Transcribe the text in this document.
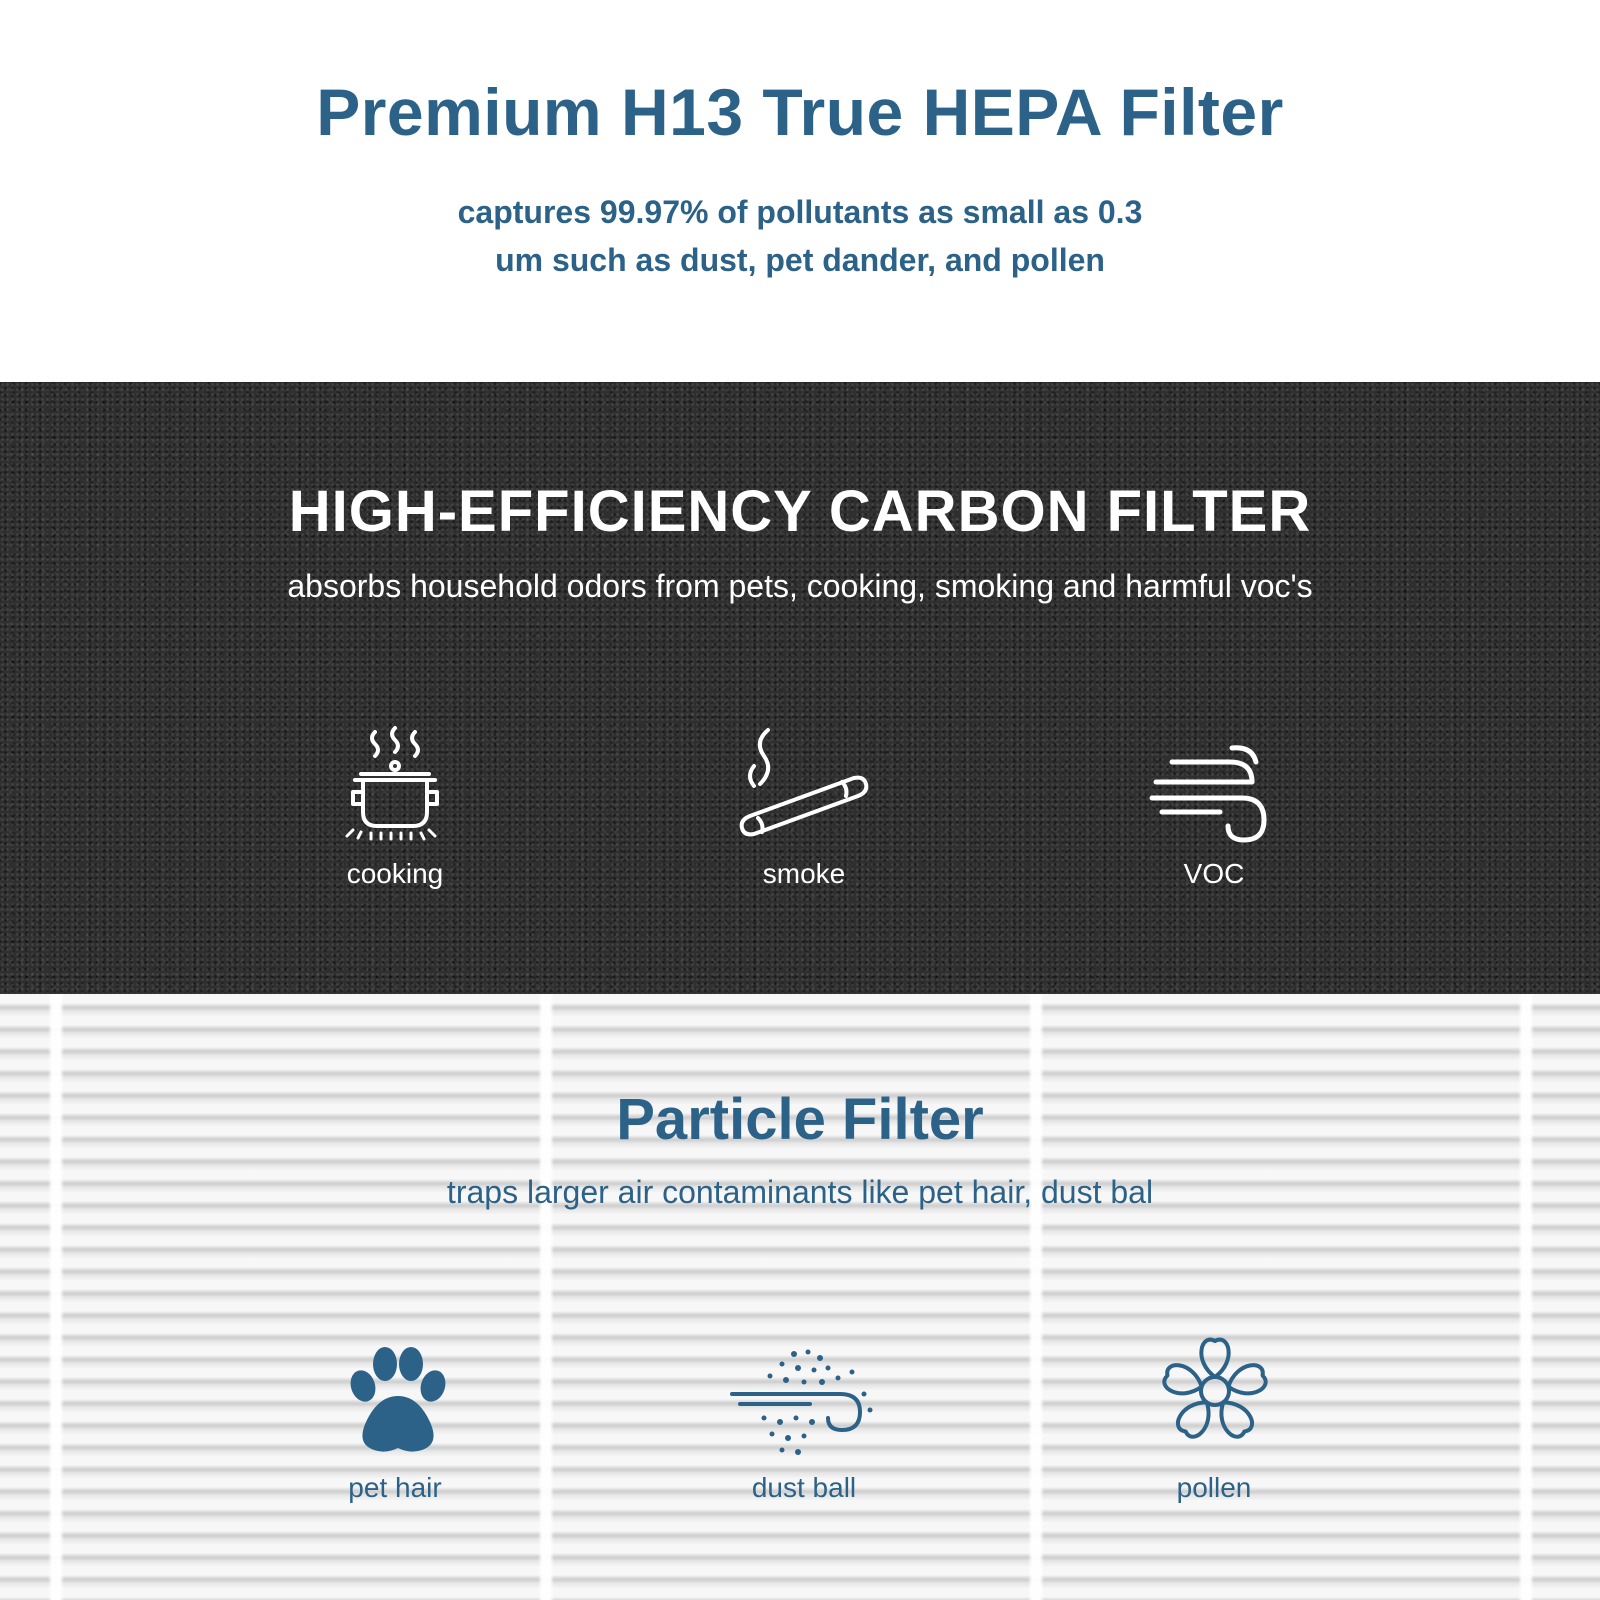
Premium H13 True HEPA Filter

captures 99.97% of pollutants as small as 0.3
um such as dust, pet dander, and pollen

HIGH-EFFICIENCY CARBON FILTER

absorbs household odors from pets, cooking, smoking and harmful voc's

cooking	smoke	VOC
Particle Filter

traps larger air contaminants like pet hair, dust bal

pet hair	dust ball	pollen
